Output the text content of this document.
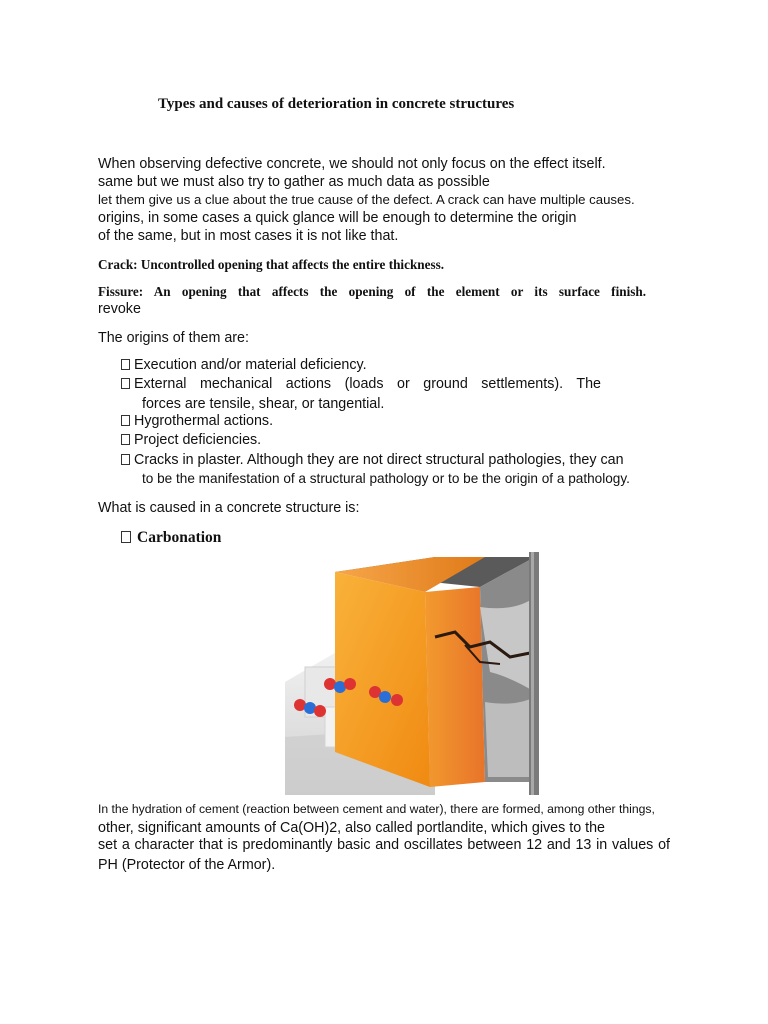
Types and causes of deterioration in concrete structures
When observing defective concrete, we should not only focus on the effect itself.
same but we must also try to gather as much data as possible
let them give us a clue about the true cause of the defect. A crack can have multiple causes.
origins, in some cases a quick glance will be enough to determine the origin
of the same, but in most cases it is not like that.
Crack: Uncontrolled opening that affects the entire thickness.
Fissure: An opening that affects the opening of the element or its surface finish.
revoke
The origins of them are:
Execution and/or material deficiency.
External mechanical actions (loads or ground settlements). The
forces are tensile, shear, or tangential.
Hygrothermal actions.
Project deficiencies.
Cracks in plaster. Although they are not direct structural pathologies, they can
to be the manifestation of a structural pathology or to be the origin of a pathology.
What is caused in a concrete structure is:
Carbonation
In the hydration of cement (reaction between cement and water), there are formed, among other things,
other, significant amounts of Ca(OH)2, also called portlandite, which gives to the
set a character that is predominantly basic and oscillates between 12 and 13 in values of
PH (Protector of the Armor).
